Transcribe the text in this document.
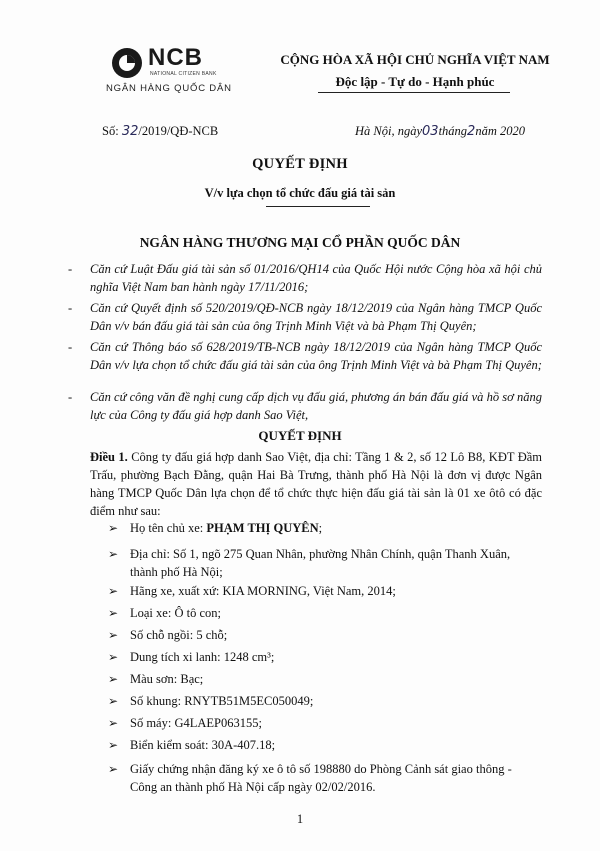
NCB
NATIONAL CITIZEN BANK
NGÂN HÀNG QUỐC DÂN
CỘNG HÒA XÃ HỘI CHỦ NGHĨA VIỆT NAM
Độc lập - Tự do - Hạnh phúc
Số: 32/2019/QĐ-NCB	Hà Nội, ngày03tháng2năm 2020
QUYẾT ĐỊNH
V/v lựa chọn tổ chức đấu giá tài sản
NGÂN HÀNG THƯƠNG MẠI CỔ PHẦN QUỐC DÂN
- Căn cứ Luật Đấu giá tài sản số 01/2016/QH14 của Quốc Hội nước Cộng hòa xã hội chủ nghĩa Việt Nam ban hành ngày 17/11/2016;

- Căn cứ Quyết định số 520/2019/QĐ-NCB ngày 18/12/2019 của Ngân hàng TMCP Quốc Dân v/v bán đấu giá tài sản của ông Trịnh Minh Việt và bà Phạm Thị Quyên;

- Căn cứ Thông báo số 628/2019/TB-NCB ngày 18/12/2019 của Ngân hàng TMCP Quốc Dân v/v lựa chọn tổ chức đấu giá tài sản của ông Trịnh Minh Việt và bà Phạm Thị Quyên;

- Căn cứ công văn đề nghị cung cấp dịch vụ đấu giá, phương án bán đấu giá và hồ sơ năng lực của Công ty đấu giá hợp danh Sao Việt,

QUYẾT ĐỊNH
Điều 1. Công ty đấu giá hợp danh Sao Việt, địa chỉ: Tầng 1 & 2, số 12 Lô B8, KĐT Đầm Trấu, phường Bạch Đằng, quận Hai Bà Trưng, thành phố Hà Nội là đơn vị được Ngân hàng TMCP Quốc Dân lựa chọn để tổ chức thực hiện đấu giá tài sản là 01 xe ôtô có đặc điểm như sau:
➢ Họ tên chủ xe: PHẠM THỊ QUYÊN;
➢ Địa chỉ: Số 1, ngõ 275 Quan Nhân, phường Nhân Chính, quận Thanh Xuân, thành phố Hà Nội;
➢ Hãng xe, xuất xứ: KIA MORNING, Việt Nam, 2014;
➢ Loại xe: Ô tô con;
➢ Số chỗ ngồi: 5 chỗ;
➢ Dung tích xi lanh: 1248 cm³;
➢ Màu sơn: Bạc;
➢ Số khung: RNYTB51M5EC050049;
➢ Số máy: G4LAEP063155;
➢ Biển kiểm soát: 30A-407.18;
➢ Giấy chứng nhận đăng ký xe ô tô số 198880 do Phòng Cảnh sát giao thông - Công an thành phố Hà Nội cấp ngày 02/02/2016.
1
